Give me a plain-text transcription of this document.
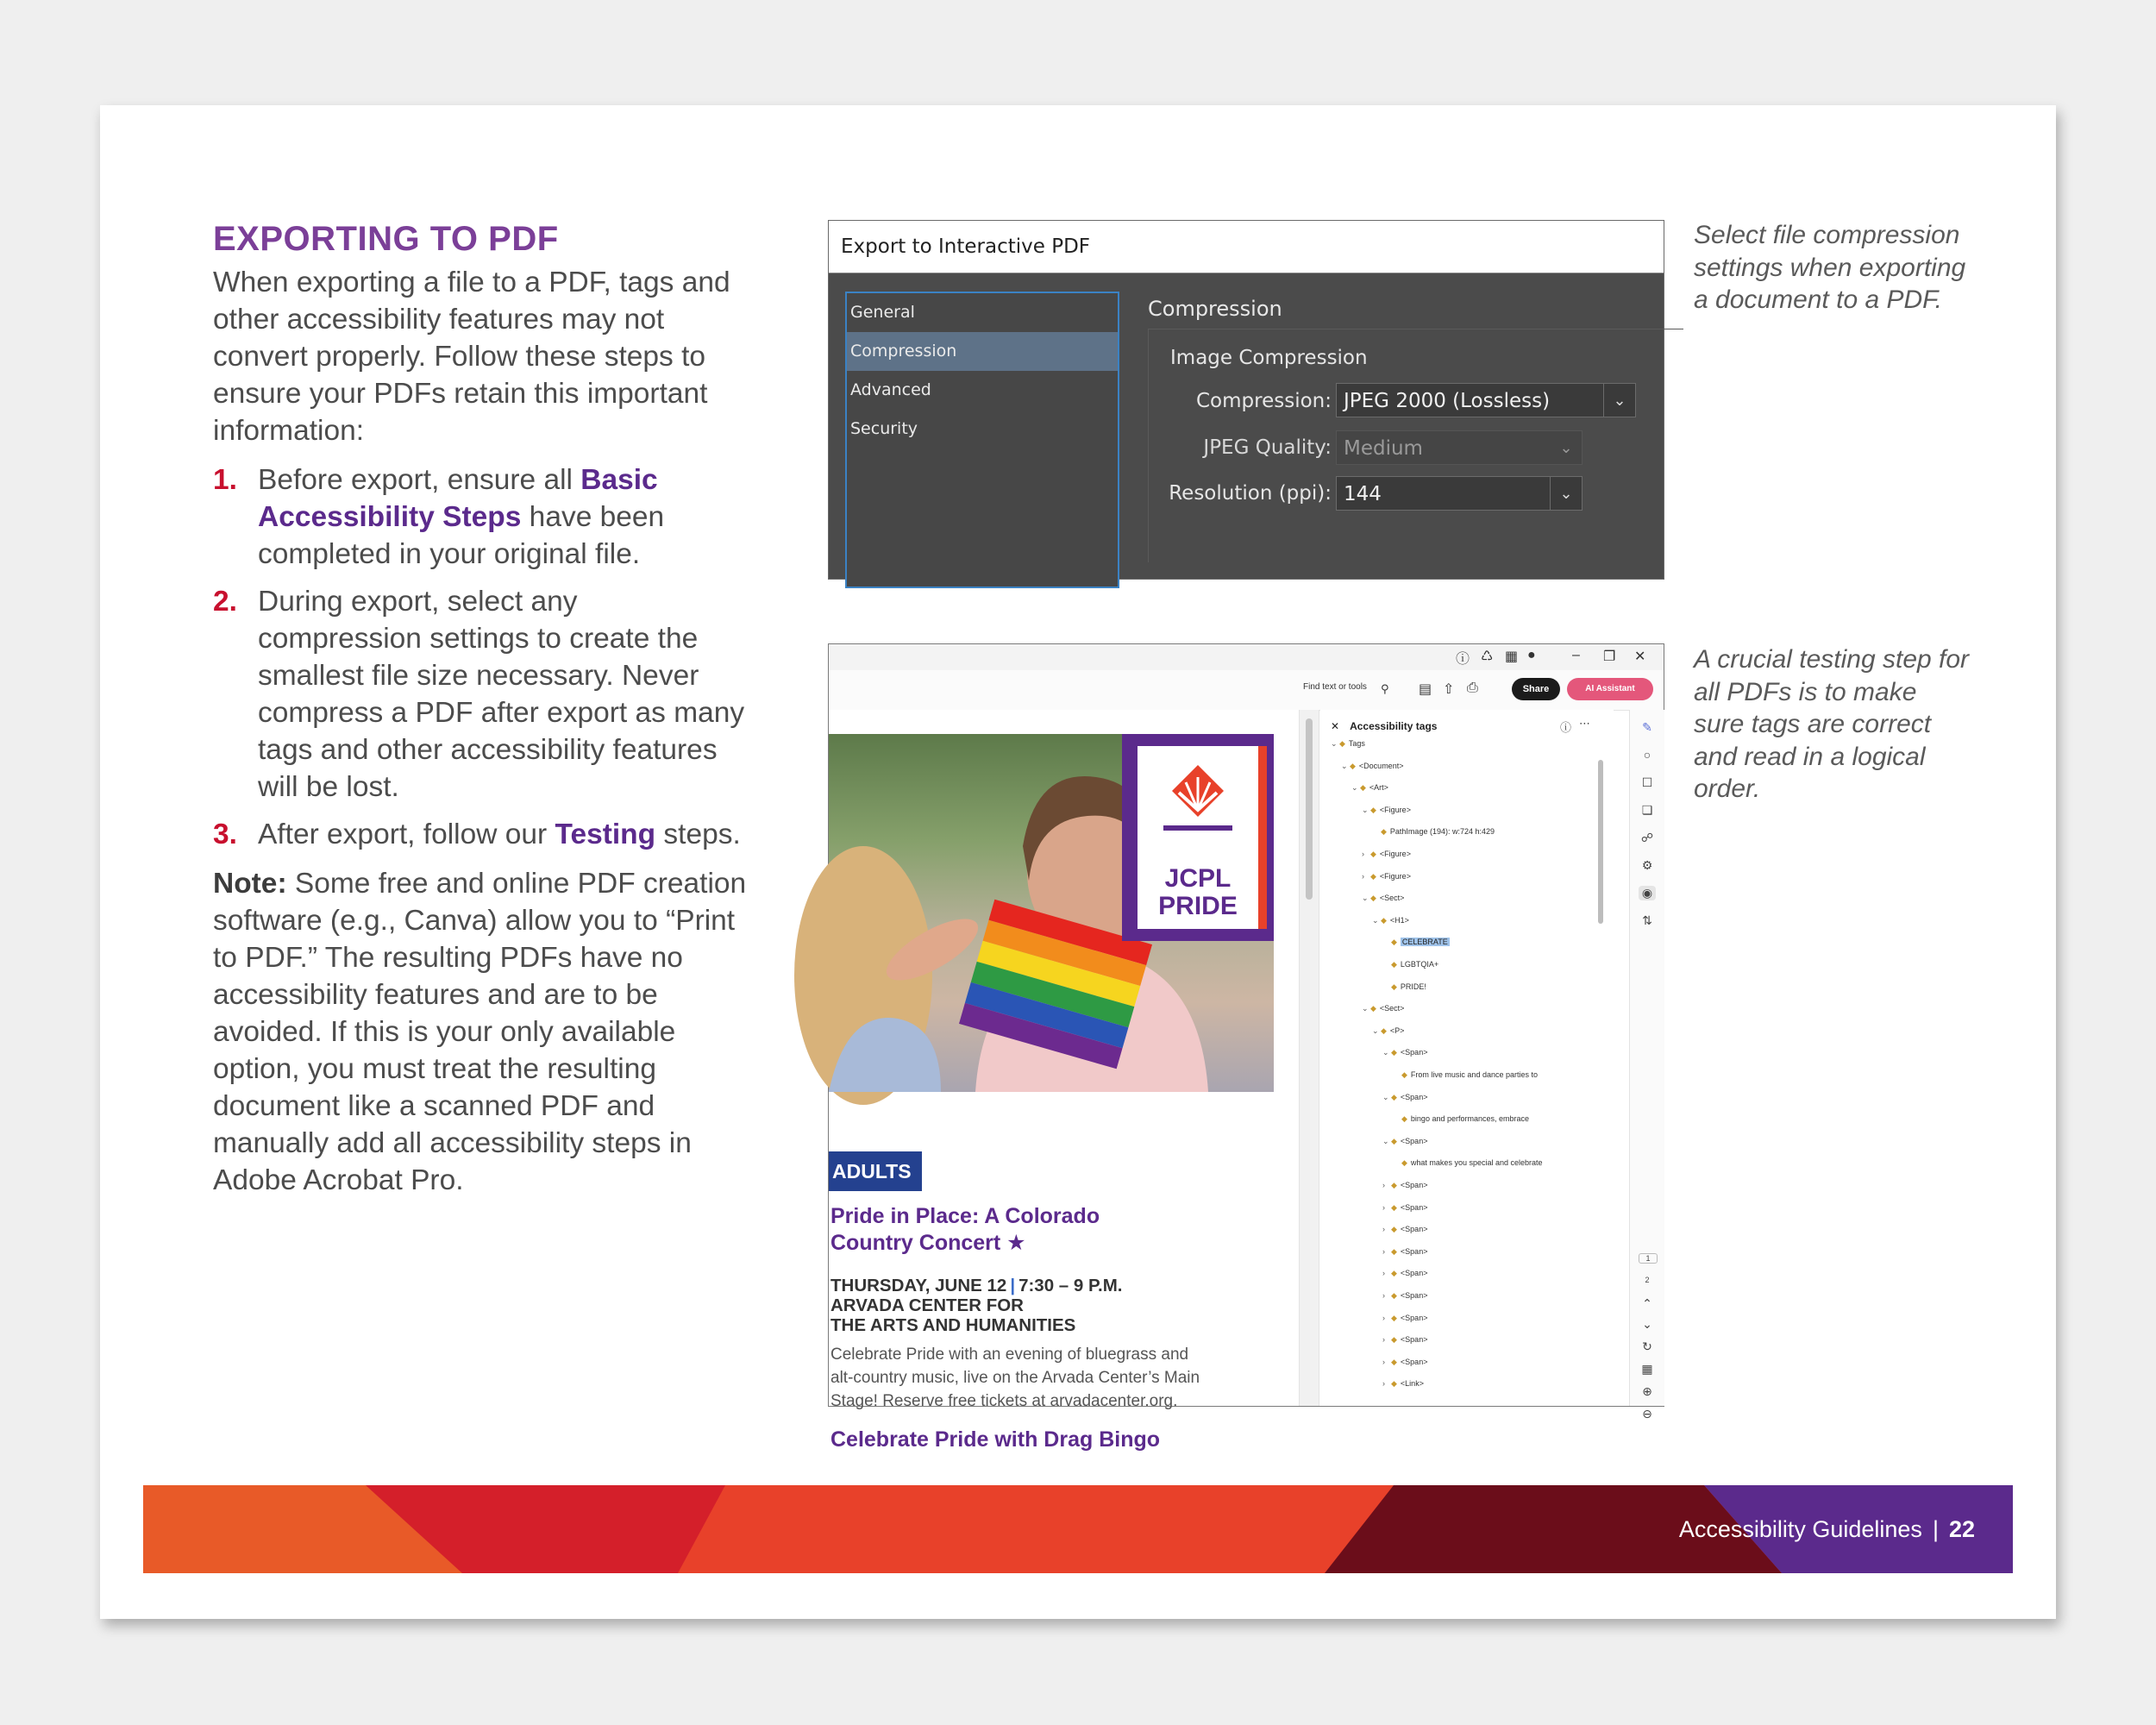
EXPORTING TO PDF

When exporting a file to a PDF, tags and other accessibility features may not convert properly. Follow these steps to ensure your PDFs retain this important information:

1. Before export, ensure all Basic Accessibility Steps have been completed in your original file.
2. During export, select any compression settings to create the smallest file size necessary. Never compress a PDF after export as many tags and other accessibility features will be lost.
3. After export, follow our Testing steps.

Note: Some free and online PDF creation software (e.g., Canva) allow you to “Print to PDF.” The resulting PDFs have no accessibility features and are to be avoided. If this is your only available option, you must treat the resulting document like a scanned PDF and manually add all accessibility steps in Adobe Acrobat Pro.

Export to Interactive PDF
General
Compression
Advanced
Security
Compression
Image Compression
Compression: JPEG 2000 (Lossless)	⌄
JPEG Quality: Medium	⌄
Resolution (ppi): 144	⌄
Select file compression settings when exporting a document to a PDF.
ⓘ ♺ ▦ ●	– ❐ ✕
Find text or tools ⚲ ▤ ⇧ ⎙	Share	AI Assistant
JCPL
PRIDE
ADULTS
Pride in Place: A Colorado
Country Concert ★
THURSDAY, JUNE 12 | 7:30 – 9 P.M.
ARVADA CENTER FOR
THE ARTS AND HUMANITIES
Celebrate Pride with an evening of bluegrass and
alt-country music, live on the Arvada Center’s Main
Stage! Reserve free tickets at arvadacenter.org.
Celebrate Pride with Drag Bingo
✕ Accessibility tags	ⓘ ⋯
⌄ ◆ Tags
⌄ ◆ <Document>
⌄ ◆ <Art>
⌄ ◆ <Figure>
◆ PathImage (194): w:724 h:429
› ◆ <Figure>
› ◆ <Figure>
⌄ ◆ <Sect>
⌄ ◆ <H1>
◆ CELEBRATE
◆ LGBTQIA+
◆ PRIDE!
⌄ ◆ <Sect>
⌄ ◆ <P>
⌄ ◆ <Span>
◆ From live music and dance parties to
⌄ ◆ <Span>
◆ bingo and performances, embrace
⌄ ◆ <Span>
◆ what makes you special and celebrate
› ◆ <Span>
› ◆ <Span>
› ◆ <Span>
› ◆ <Span>
› ◆ <Span>
› ◆ <Span>
› ◆ <Span>
› ◆ <Span>
› ◆ <Span>
› ◆ <Link>
✎
○
☐
❏
☍
⚙
◉
⇅
1
2
⌃
⌄
↻
▦
⊕
⊖
A crucial testing step for all PDFs is to make sure tags are correct and read in a logical order.
Accessibility Guidelines | 22
